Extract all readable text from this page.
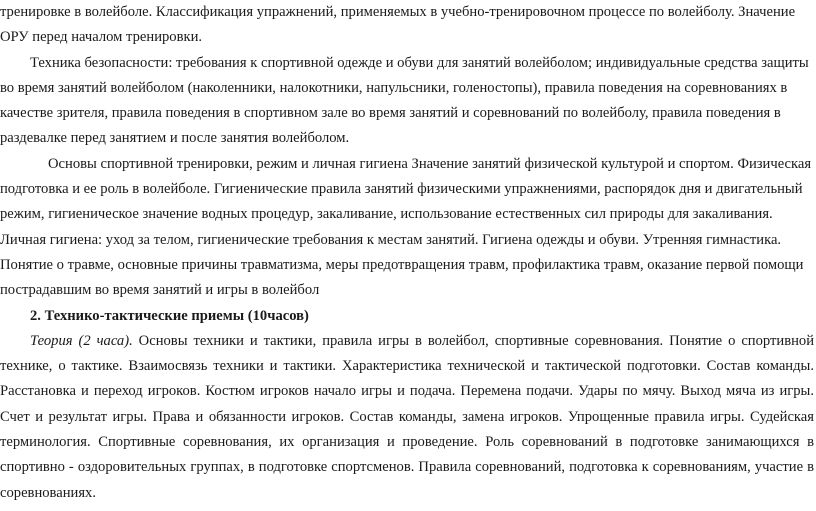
тренировке в волейболе. Классификация упражнений, применяемых в учебно-тренировочном процессе по волейболу. Значение ОРУ перед началом тренировки.

Техника безопасности: требования к спортивной одежде и обуви для занятий волейболом; индивидуальные средства защиты во время занятий волейболом (наколенники, налокотники, напульсники, голеностопы), правила поведения на соревнованиях в качестве зрителя, правила поведения в спортивном зале во время занятий и соревнований по волейболу, правила поведения в раздевалке перед занятием и после занятия волейболом.

Основы спортивной тренировки, режим и личная гигиена Значение занятий физической культурой и спортом. Физическая подготовка и ее роль в волейболе. Гигиенические правила занятий физическими упражнениями, распорядок дня и двигательный режим, гигиеническое значение водных процедур, закаливание, использование естественных сил природы для закаливания. Личная гигиена: уход за телом, гигиенические требования к местам занятий. Гигиена одежды и обуви. Утренняя гимнастика. Понятие о травме, основные причины травматизма, меры предотвращения травм, профилактика травм, оказание первой помощи пострадавшим во время занятий и игры в волейбол

2. Технико-тактические приемы (10часов)

Теория (2 часа). Основы техники и тактики, правила игры в волейбол, спортивные соревнования. Понятие о спортивной технике, о тактике. Взаимосвязь техники и тактики. Характеристика технической и тактической подготовки. Состав команды. Расстановка и переход игроков. Костюм игроков начало игры и подача. Перемена подачи. Удары по мячу. Выход мяча из игры. Счет и результат игры. Права и обязанности игроков. Состав команды, замена игроков. Упрощенные правила игры. Судейская терминология. Спортивные соревнования, их организация и проведение. Роль соревнований в подготовке занимающихся в спортивно - оздоровительных группах, в подготовке спортсменов. Правила соревнований, подготовка к соревнованиям, участие в соревнованиях.
